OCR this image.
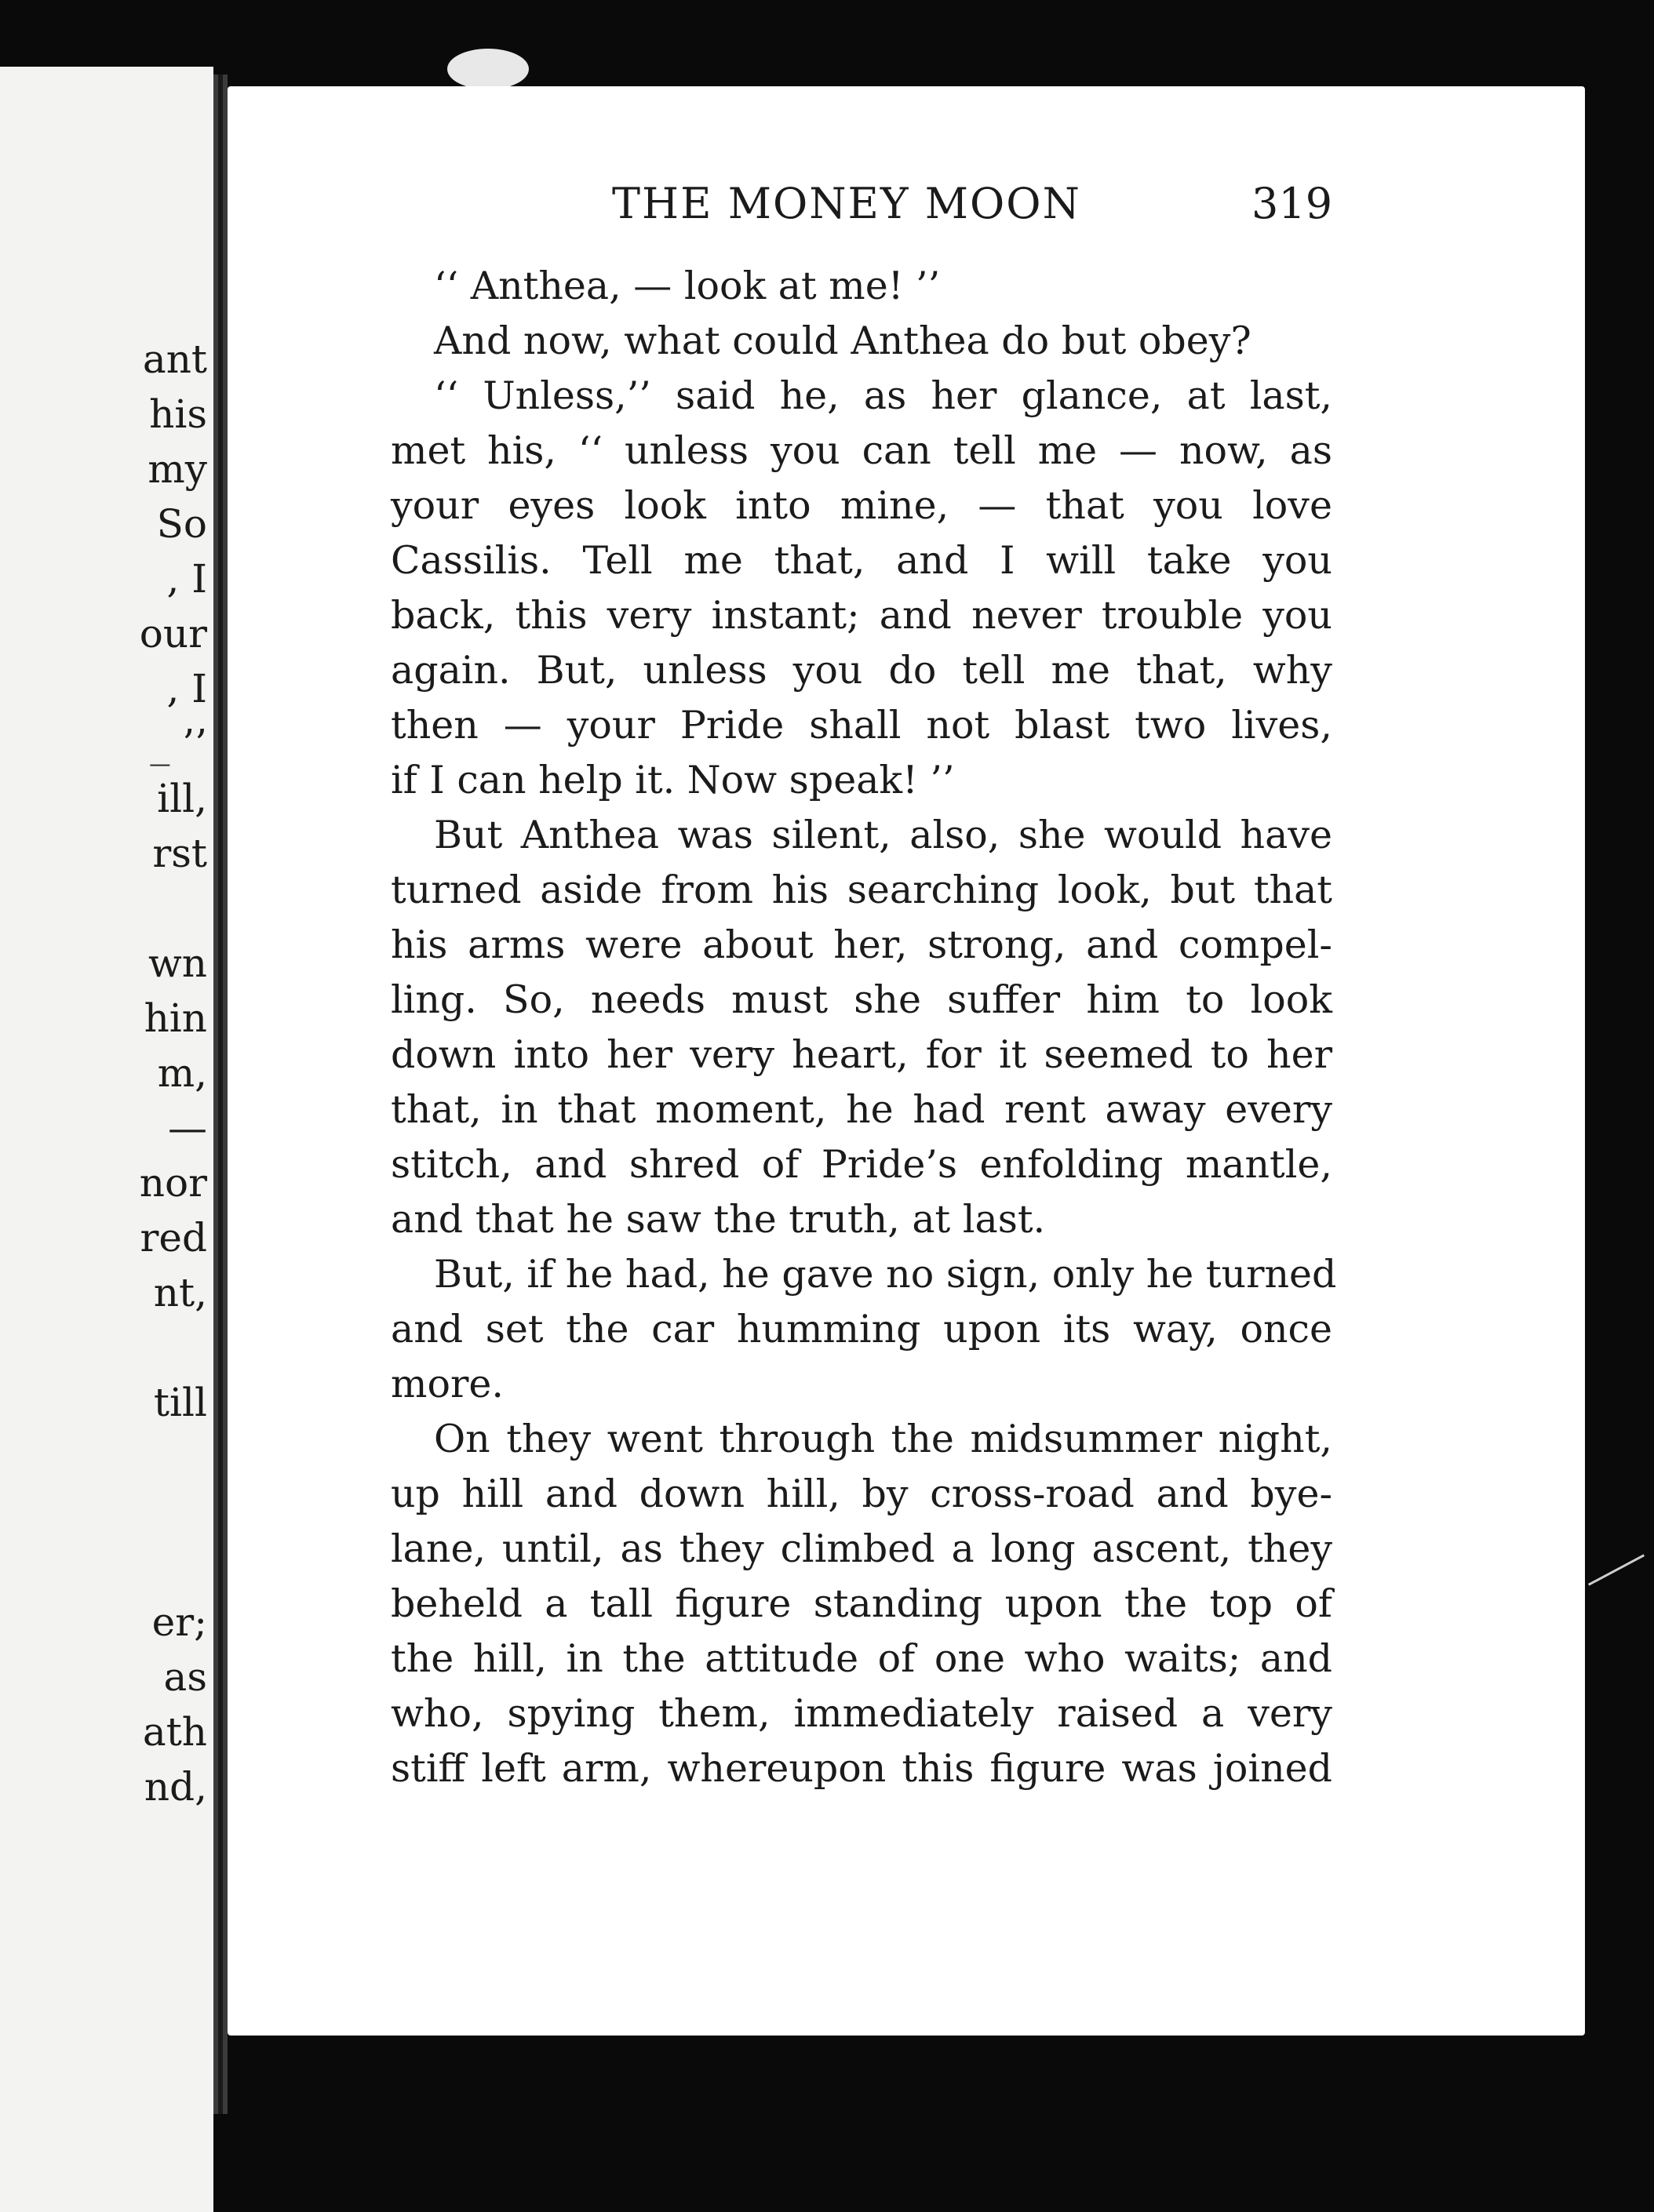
ant
his
my
So
, I
our
, I
_ ’’
ill,
rst
wn
hin
m,
—
nor
red
nt,
till
er;
as
ath
nd,
THE MONEY MOON	319
‘‘ Anthea, — look at me! ’’
And now, what could Anthea do but obey?
‘‘ Unless,’’ said he, as her glance, at last,
met his, ‘‘ unless you can tell me — now, as
your eyes look into mine, — that you love
Cassilis. Tell me that, and I will take you
back, this very instant; and never trouble you
again. But, unless you do tell me that, why
then — your Pride shall not blast two lives,
if I can help it. Now speak! ’’
But Anthea was silent, also, she would have
turned aside from his searching look, but that
his arms were about her, strong, and compel-
ling. So, needs must she suffer him to look
down into her very heart, for it seemed to her
that, in that moment, he had rent away every
stitch, and shred of Pride’s enfolding mantle,
and that he saw the truth, at last.
But, if he had, he gave no sign, only he turned
and set the car humming upon its way, once
more.
On they went through the midsummer night,
up hill and down hill, by cross-road and bye-
lane, until, as they climbed a long ascent, they
beheld a tall figure standing upon the top of
the hill, in the attitude of one who waits; and
who, spying them, immediately raised a very
stiff left arm, whereupon this figure was joined
